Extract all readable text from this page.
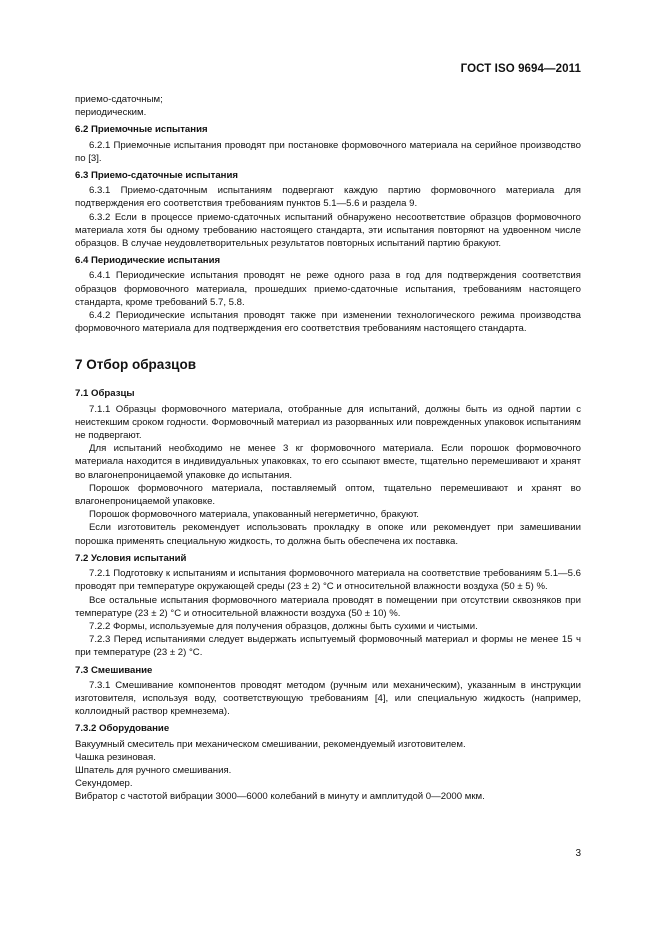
ГОСТ ISO 9694—2011

приемо-сдаточным;

периодическим.

6.2 Приемочные испытания

6.2.1 Приемочные испытания проводят при постановке формовочного материала на серийное производство по [3].

6.3 Приемо-сдаточные испытания

6.3.1 Приемо-сдаточным испытаниям подвергают каждую партию формовочного материала для подтверждения его соответствия требованиям пунктов 5.1—5.6 и раздела 9.

6.3.2 Если в процессе приемо-сдаточных испытаний обнаружено несоответствие образцов формовочного материала хотя бы одному требованию настоящего стандарта, эти испытания повторяют на удвоенном числе образцов. В случае неудовлетворительных результатов повторных испытаний партию бракуют.

6.4 Периодические испытания

6.4.1 Периодические испытания проводят не реже одного раза в год для подтверждения соответствия образцов формовочного материала, прошедших приемо-сдаточные испытания, требованиям настоящего стандарта, кроме требований 5.7, 5.8.

6.4.2 Периодические испытания проводят также при изменении технологического режима производства формовочного материала для подтверждения его соответствия требованиям настоящего стандарта.

7 Отбор образцов

7.1 Образцы

7.1.1 Образцы формовочного материала, отобранные для испытаний, должны быть из одной партии с неистекшим сроком годности. Формовочный материал из разорванных или поврежденных упаковок испытаниям не подвергают.

Для испытаний необходимо не менее 3 кг формовочного материала. Если порошок формовочного материала находится в индивидуальных упаковках, то его ссыпают вместе, тщательно перемешивают и хранят во влагонепроницаемой упаковке до испытания.

Порошок формовочного материала, поставляемый оптом, тщательно перемешивают и хранят во влагонепроницаемой упаковке.

Порошок формовочного материала, упакованный негерметично, бракуют.

Если изготовитель рекомендует использовать прокладку в опоке или рекомендует при замешивании порошка применять специальную жидкость, то должна быть обеспечена их поставка.

7.2 Условия испытаний

7.2.1 Подготовку к испытаниям и испытания формовочного материала на соответствие требованиям 5.1—5.6 проводят при температуре окружающей среды (23 ± 2) °С и относительной влажности воздуха (50 ± 5) %.

Все остальные испытания формовочного материала проводят в помещении при отсутствии сквозняков при температуре (23 ± 2) °С и относительной влажности воздуха (50 ± 10) %.

7.2.2 Формы, используемые для получения образцов, должны быть сухими и чистыми.

7.2.3 Перед испытаниями следует выдержать испытуемый формовочный материал и формы не менее 15 ч при температуре (23 ± 2) °С.

7.3 Смешивание

7.3.1 Смешивание компонентов проводят методом (ручным или механическим), указанным в инструкции изготовителя, используя воду, соответствующую требованиям [4], или специальную жидкость (например, коллоидный раствор кремнезема).

7.3.2 Оборудование

Вакуумный смеситель при механическом смешивании, рекомендуемый изготовителем.

Чашка резиновая.

Шпатель для ручного смешивания.

Секундомер.

Вибратор с частотой вибрации 3000—6000 колебаний в минуту и амплитудой 0—2000 мкм.

3
